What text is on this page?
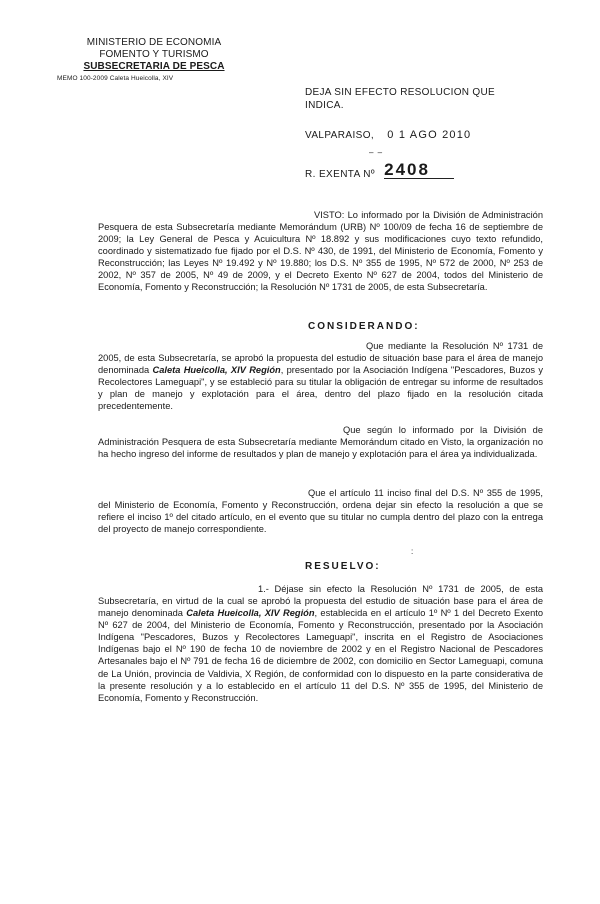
MINISTERIO DE ECONOMIA
FOMENTO Y TURISMO
SUBSECRETARIA DE PESCA
MEMO 100-2009 Caleta Hueicolla, XIV
DEJA SIN EFECTO RESOLUCION QUE INDICA.
VALPARAISO, 0 1 AGO 2010
– –
R. EXENTA Nº 2408

VISTO: Lo informado por la División de Administración Pesquera de esta Subsecretaría mediante Memorándum (URB) Nº 100/09 de fecha 16 de septiembre de 2009; la Ley General de Pesca y Acuicultura Nº 18.892 y sus modificaciones cuyo texto refundido, coordinado y sistematizado fue fijado por el D.S. Nº 430, de 1991, del Ministerio de Economía, Fomento y Reconstrucción; las Leyes Nº 19.492 y Nº 19.880; los D.S. Nº 355 de 1995, Nº 572 de 2000, Nº 253 de 2002, Nº 357 de 2005, Nº 49 de 2009, y el Decreto Exento Nº 627 de 2004, todos del Ministerio de Economía, Fomento y Reconstrucción; la Resolución Nº 1731 de 2005, de esta Subsecretaría.

CONSIDERANDO:

Que mediante la Resolución Nº 1731 de 2005, de esta Subsecretaría, se aprobó la propuesta del estudio de situación base para el área de manejo denominada Caleta Hueicolla, XIV Región, presentado por la Asociación Indígena "Pescadores, Buzos y Recolectores Lameguapi", y se estableció para su titular la obligación de entregar su informe de resultados y plan de manejo y explotación para el área, dentro del plazo fijado en la resolución citada precedentemente.

Que según lo informado por la División de Administración Pesquera de esta Subsecretaría mediante Memorándum citado en Visto, la organización no ha hecho ingreso del informe de resultados y plan de manejo y explotación para el área ya individualizada.

Que el artículo 11 inciso final del D.S. Nº 355 de 1995, del Ministerio de Economía, Fomento y Reconstrucción, ordena dejar sin efecto la resolución a que se refiere el inciso 1º del citado artículo, en el evento que su titular no cumpla dentro del plazo con la entrega del proyecto de manejo correspondiente.

:
RESUELVO:

1.- Déjase sin efecto la Resolución Nº 1731 de 2005, de esta Subsecretaría, en virtud de la cual se aprobó la propuesta del estudio de situación base para el área de manejo denominada Caleta Hueicolla, XIV Región, establecida en el artículo 1º Nº 1 del Decreto Exento Nº 627 de 2004, del Ministerio de Economía, Fomento y Reconstrucción, presentado por la Asociación Indígena "Pescadores, Buzos y Recolectores Lameguapi", inscrita en el Registro de Asociaciones Indígenas bajo el Nº 190 de fecha 10 de noviembre de 2002 y en el Registro Nacional de Pescadores Artesanales bajo el Nº 791 de fecha 16 de diciembre de 2002, con domicilio en Sector Lameguapi, comuna de La Unión, provincia de Valdivia, X Región, de conformidad con lo dispuesto en la parte considerativa de la presente resolución y a lo establecido en el artículo 11 del D.S. Nº 355 de 1995, del Ministerio de Economía, Fomento y Reconstrucción.
